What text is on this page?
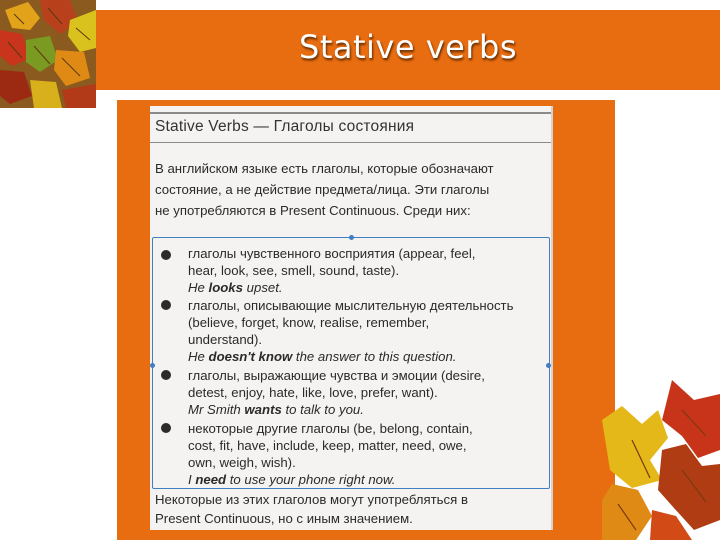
Stative verbs
Stative Verbs — Глаголы состояния
В английском языке есть глаголы, которые обозначают
состояние, а не действие предмета/лица. Эти глаголы
не употребляются в Present Continuous. Среди них:
глаголы чувственного восприятия (appear, feel,
hear, look, see, smell, sound, taste).
He looks upset.
глаголы, описывающие мыслительную деятельность
(believe, forget, know, realise, remember,
understand).
He doesn't know the answer to this question.
глаголы, выражающие чувства и эмоции (desire,
detest, enjoy, hate, like, love, prefer, want).
Mr Smith wants to talk to you.
некоторые другие глаголы (be, belong, contain,
cost, fit, have, include, keep, matter, need, owe,
own, weigh, wish).
I need to use your phone right now.
Некоторые из этих глаголов могут употребляться в
Present Continuous, но с иным значением.
